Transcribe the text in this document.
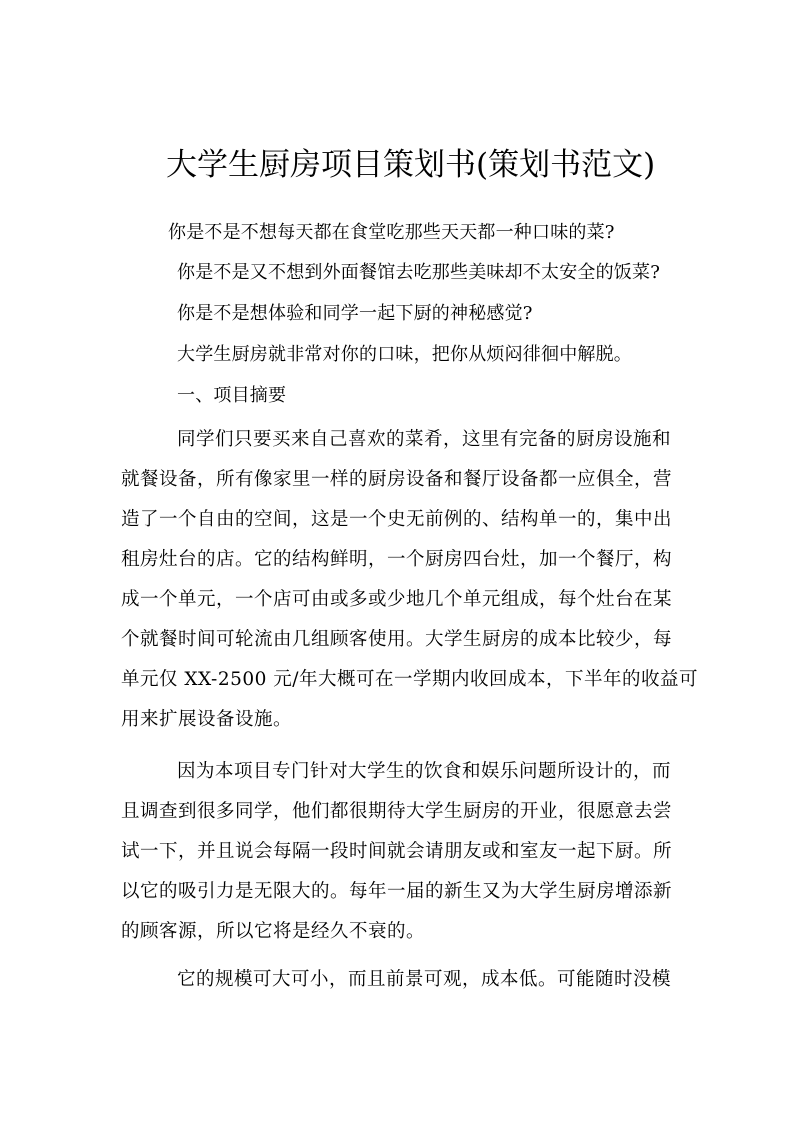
大学生厨房项目策划书(策划书范文)
你是不是不想每天都在食堂吃那些天天都一种口味的菜?
你是不是又不想到外面餐馆去吃那些美味却不太安全的饭菜?
你是不是想体验和同学一起下厨的神秘感觉?
大学生厨房就非常对你的口味，把你从烦闷徘徊中解脱。
一、项目摘要
同学们只要买来自己喜欢的菜肴，这里有完备的厨房设施和
就餐设备，所有像家里一样的厨房设备和餐厅设备都一应俱全，营
造了一个自由的空间，这是一个史无前例的、结构单一的，集中出
租房灶台的店。它的结构鲜明，一个厨房四台灶，加一个餐厅，构
成一个单元，一个店可由或多或少地几个单元组成，每个灶台在某
个就餐时间可轮流由几组顾客使用。大学生厨房的成本比较少，每
单元仅 XX-2500 元/年大概可在一学期内收回成本，下半年的收益可
用来扩展设备设施。
因为本项目专门针对大学生的饮食和娱乐问题所设计的，而
且调查到很多同学，他们都很期待大学生厨房的开业，很愿意去尝
试一下，并且说会每隔一段时间就会请朋友或和室友一起下厨。所
以它的吸引力是无限大的。每年一届的新生又为大学生厨房增添新
的顾客源，所以它将是经久不衰的。
它的规模可大可小，而且前景可观，成本低。可能随时没模
